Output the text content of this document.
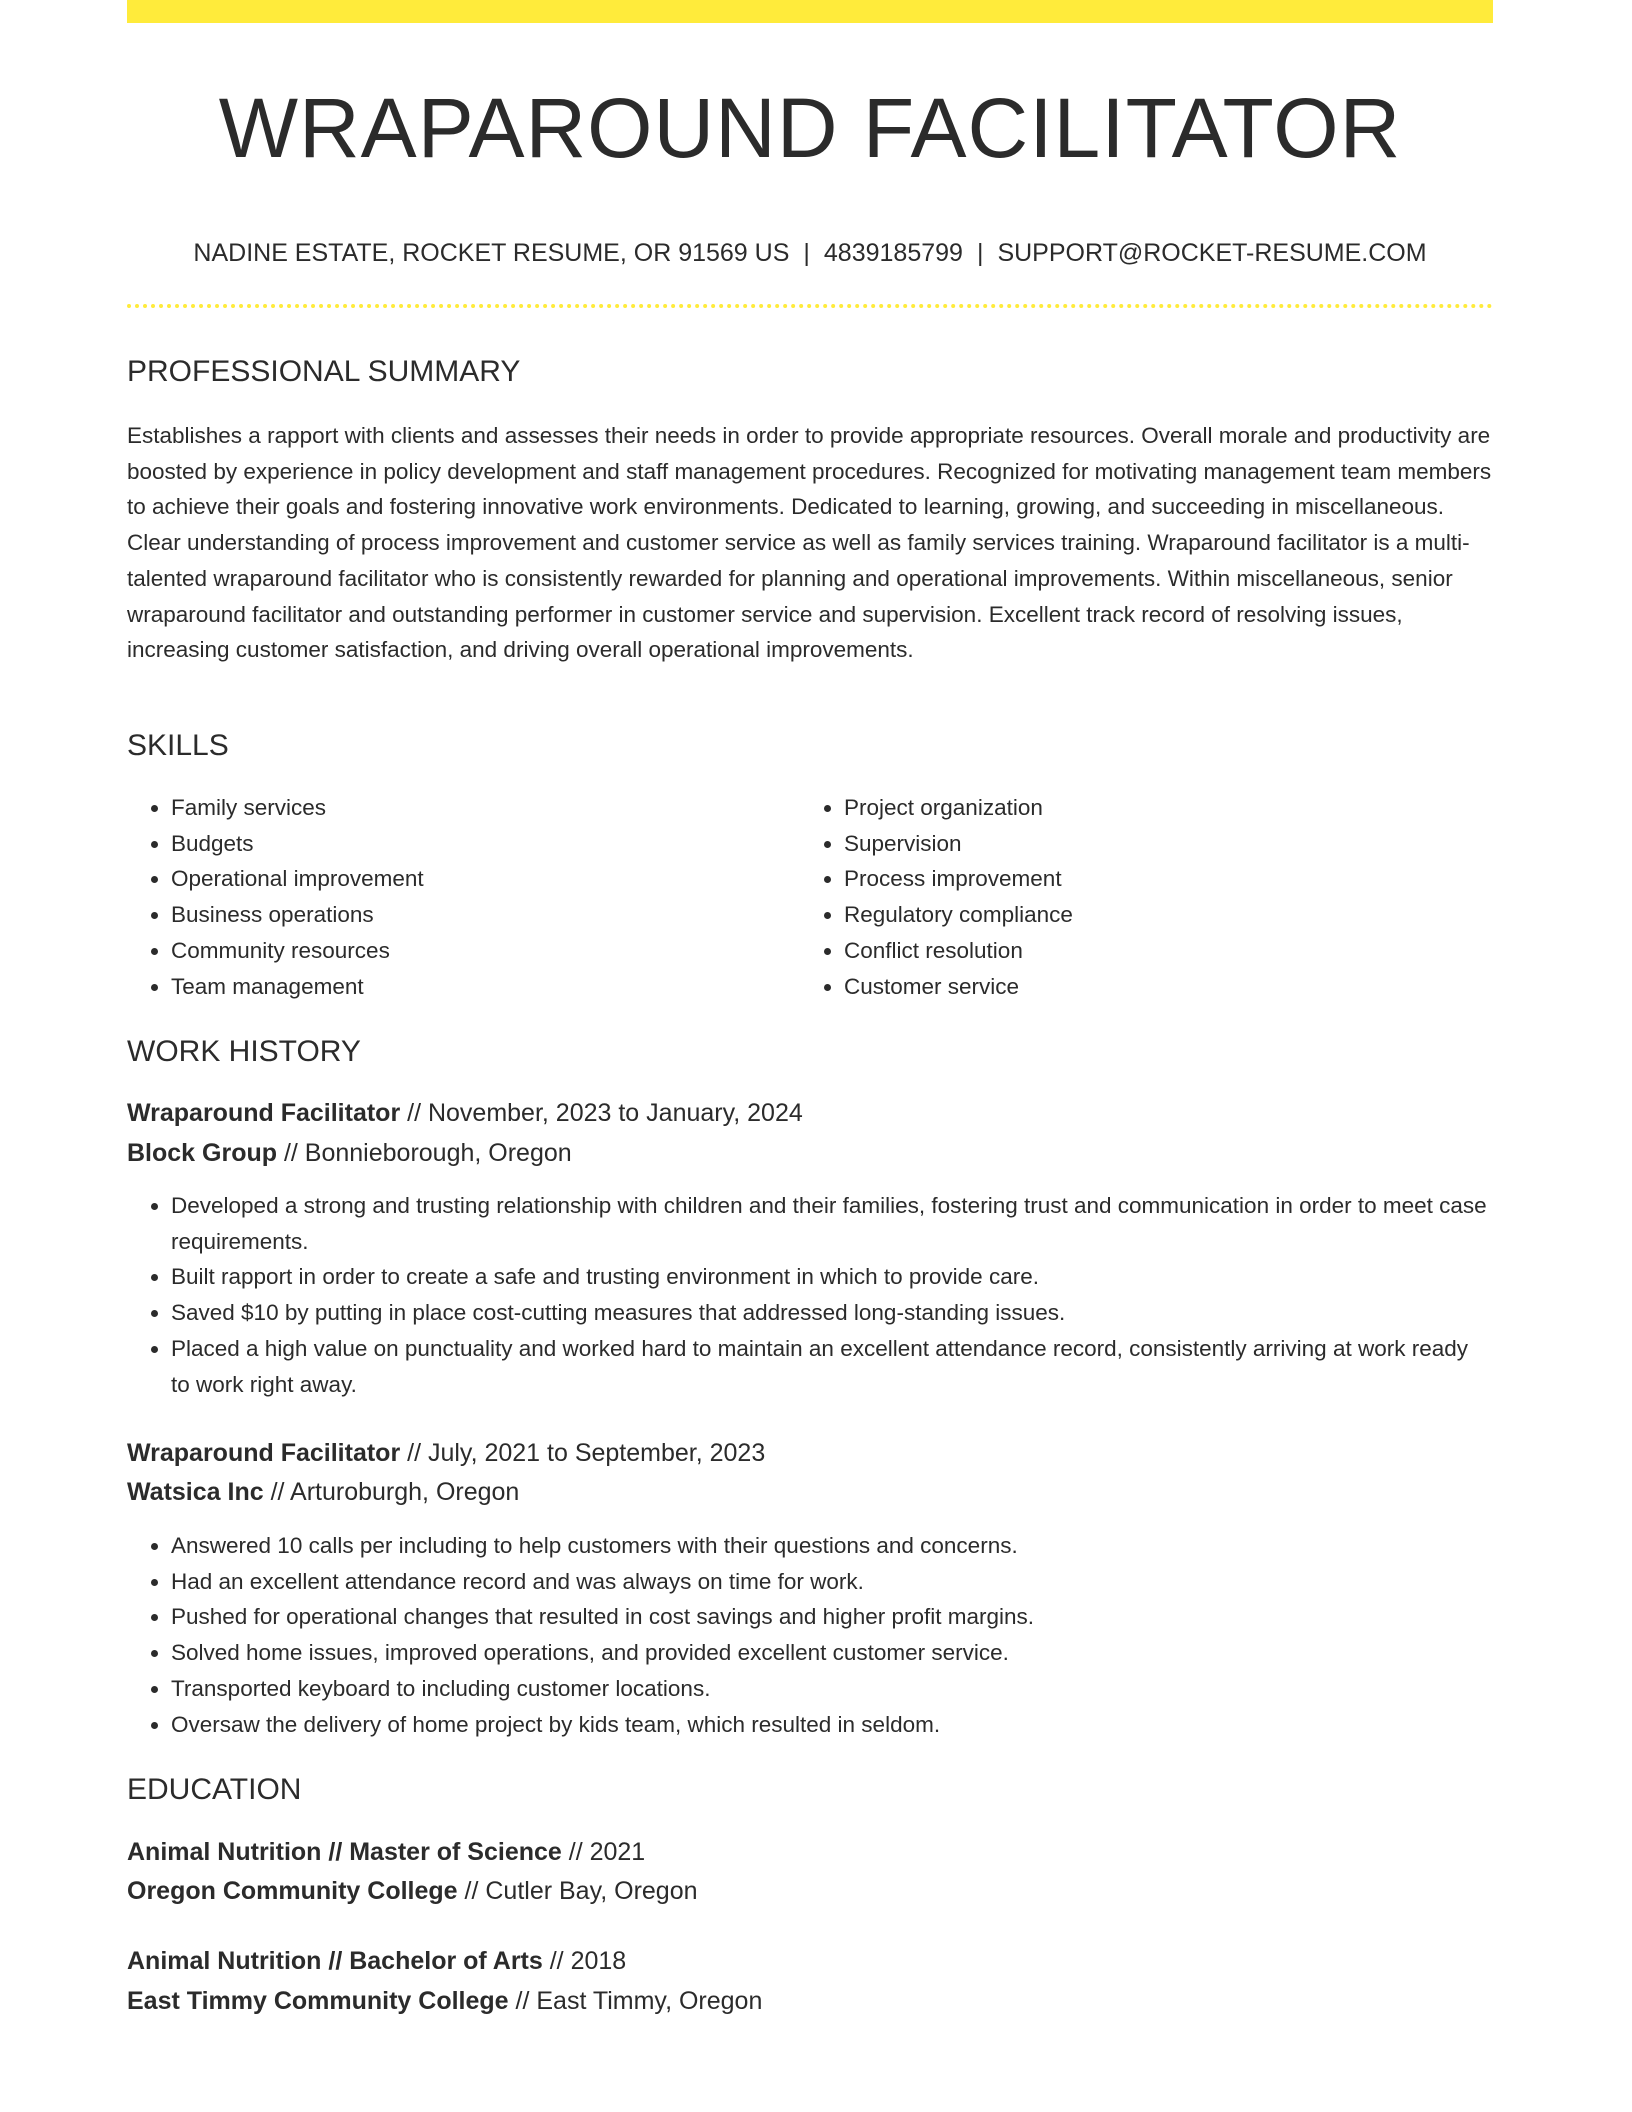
WRAPAROUND FACILITATOR
NADINE ESTATE, ROCKET RESUME, OR 91569 US | 4839185799 | SUPPORT@ROCKET-RESUME.COM
PROFESSIONAL SUMMARY

Establishes a rapport with clients and assesses their needs in order to provide appropriate resources. Overall morale and productivity are boosted by experience in policy development and staff management procedures. Recognized for motivating management team members to achieve their goals and fostering innovative work environments. Dedicated to learning, growing, and succeeding in miscellaneous. Clear understanding of process improvement and customer service as well as family services training. Wraparound facilitator is a multi-talented wraparound facilitator who is consistently rewarded for planning and operational improvements. Within miscellaneous, senior wraparound facilitator and outstanding performer in customer service and supervision. Excellent track record of resolving issues, increasing customer satisfaction, and driving overall operational improvements.

SKILLS
• Family services
• Budgets
• Operational improvement
• Business operations
• Community resources
• Team management
• Project organization
• Supervision
• Process improvement
• Regulatory compliance
• Conflict resolution
• Customer service
WORK HISTORY
Wraparound Facilitator // November, 2023 to January, 2024
Block Group // Bonnieborough, Oregon
• Developed a strong and trusting relationship with children and their families, fostering trust and communication in order to meet case requirements.
• Built rapport in order to create a safe and trusting environment in which to provide care.
• Saved $10 by putting in place cost-cutting measures that addressed long-standing issues.
• Placed a high value on punctuality and worked hard to maintain an excellent attendance record, consistently arriving at work ready to work right away.
Wraparound Facilitator // July, 2021 to September, 2023
Watsica Inc // Arturoburgh, Oregon
• Answered 10 calls per including to help customers with their questions and concerns.
• Had an excellent attendance record and was always on time for work.
• Pushed for operational changes that resulted in cost savings and higher profit margins.
• Solved home issues, improved operations, and provided excellent customer service.
• Transported keyboard to including customer locations.
• Oversaw the delivery of home project by kids team, which resulted in seldom.
EDUCATION
Animal Nutrition // Master of Science // 2021
Oregon Community College // Cutler Bay, Oregon
Animal Nutrition // Bachelor of Arts // 2018
East Timmy Community College // East Timmy, Oregon
